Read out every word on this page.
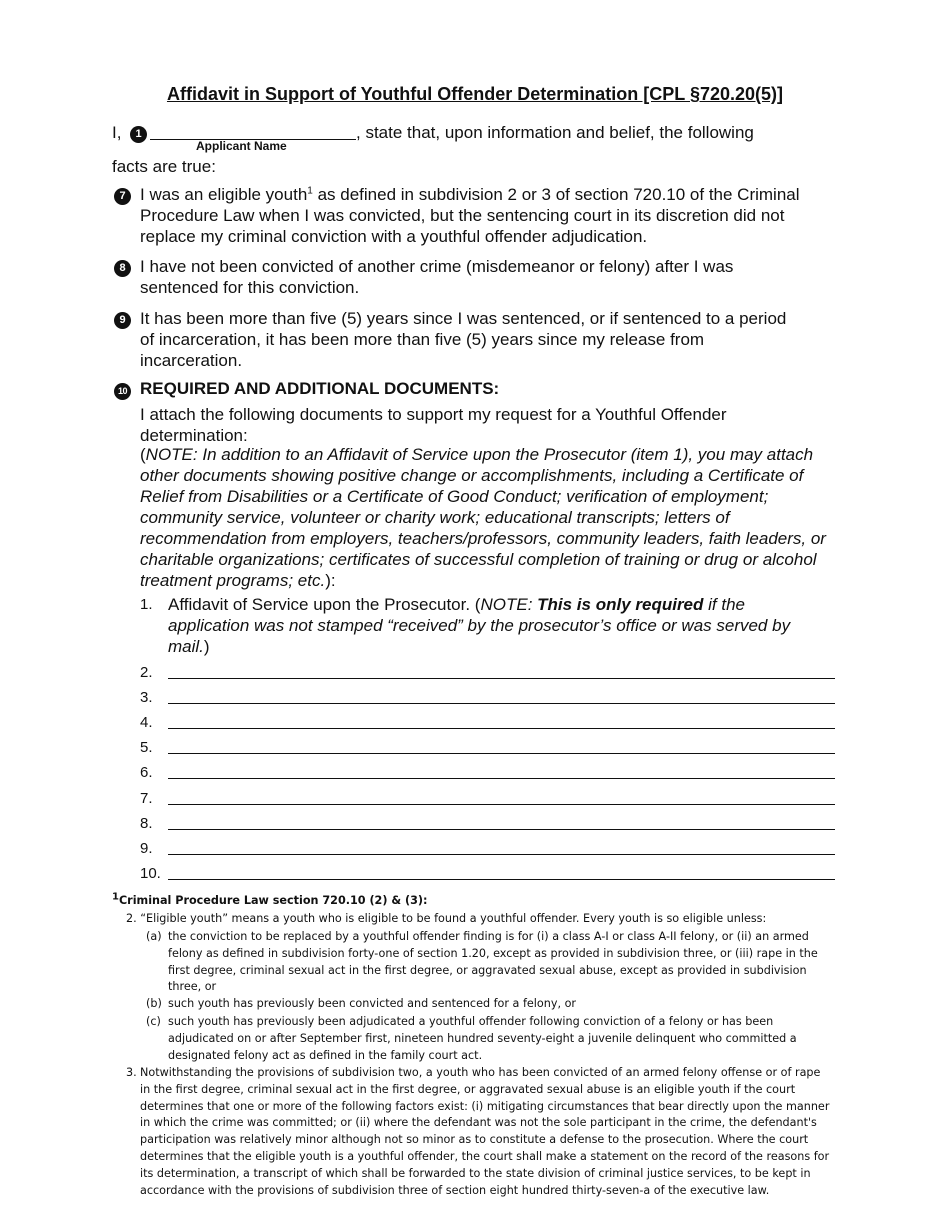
Affidavit in Support of Youthful Offender Determination [CPL §720.20(5)]
I,	1
Applicant Name
, state that, upon information and belief, the following
facts are true:
7 I was an eligible youth$^1$ as defined in subdivision 2 or 3 of section 720.10 of the Criminal
Procedure Law when I was convicted, but the sentencing court in its discretion did not
replace my criminal conviction with a youthful offender adjudication.
8 I have not been convicted of another crime (misdemeanor or felony) after I was
sentenced for this conviction.
9 It has been more than five (5) years since I was sentenced, or if sentenced to a period
of incarceration, it has been more than five (5) years since my release from
incarceration.
10 REQUIRED AND ADDITIONAL DOCUMENTS:
I attach the following documents to support my request for a Youthful Offender
determination:
(NOTE: In addition to an Affidavit of Service upon the Prosecutor (item 1), you may attach
other documents showing positive change or accomplishments, including a Certificate of
Relief from Disabilities or a Certificate of Good Conduct; verification of employment;
community service, volunteer or charity work; educational transcripts; letters of
recommendation from employers, teachers/professors, community leaders, faith leaders, or
charitable organizations; certificates of successful completion of training or drug or alcohol
treatment programs; etc.):
1. Affidavit of Service upon the Prosecutor. (NOTE: This is only required if the
application was not stamped “received” by the prosecutor’s office or was served by
mail.)
2.
3.
4.
5.
6.
7.
8.
9.
10.
$^1$Criminal Procedure Law section 720.10 (2) & (3):
2. “Eligible youth” means a youth who is eligible to be found a youthful offender. Every youth is so eligible unless:
(a) the conviction to be replaced by a youthful offender finding is for (i) a class A-I or class A-II felony, or (ii) an armed
felony as defined in subdivision forty-one of section 1.20, except as provided in subdivision three, or (iii) rape in the
first degree, criminal sexual act in the first degree, or aggravated sexual abuse, except as provided in subdivision
three, or
(b) such youth has previously been convicted and sentenced for a felony, or
(c) such youth has previously been adjudicated a youthful offender following conviction of a felony or has been
adjudicated on or after September first, nineteen hundred seventy-eight a juvenile delinquent who committed a
designated felony act as defined in the family court act.
3. Notwithstanding the provisions of subdivision two, a youth who has been convicted of an armed felony offense or of rape
in the first degree, criminal sexual act in the first degree, or aggravated sexual abuse is an eligible youth if the court
determines that one or more of the following factors exist: (i) mitigating circumstances that bear directly upon the manner
in which the crime was committed; or (ii) where the defendant was not the sole participant in the crime, the defendant's
participation was relatively minor although not so minor as to constitute a defense to the prosecution. Where the court
determines that the eligible youth is a youthful offender, the court shall make a statement on the record of the reasons for
its determination, a transcript of which shall be forwarded to the state division of criminal justice services, to be kept in
accordance with the provisions of subdivision three of section eight hundred thirty-seven-a of the executive law.
